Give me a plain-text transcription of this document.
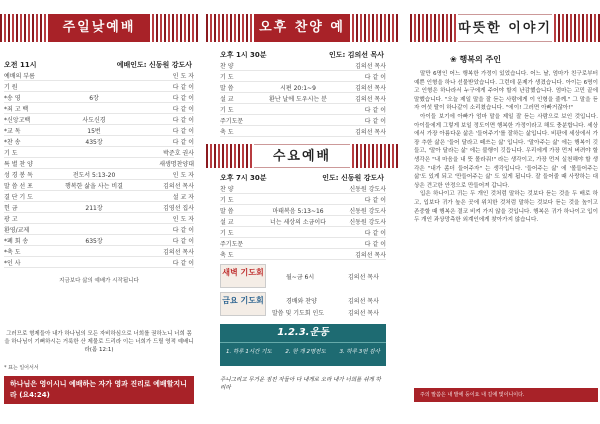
주일낮예배
오전 11시	예배인도: 신동원 강도사
예배의 부름	인 도 자
기 원	다 같 이
*송 영	6장	다 같 이
*죄 고 백	다 같 이
*신앙고백	사도신경	다 같 이
*교 독	15번	다 같 이
*찬 송	435장	다 같 이
기 도	박준호 권사
특 별 찬 양	새생명찬양대
성 경 봉 독	전도서 5:13-20	인 도 자
말 씀 선 포	행복한 삶을 사는 비결	김의선 목사
결 단 기 도	설 교 자
헌 금	211장	김영선 집사
광 고	인 도 자
환영/교제	다 같 이
*폐 회 송	635장	다 같 이
*축 도	김의선 목사
*인 사	다 같 이
지금보다 삶의 예배가 시작됩니다
그러므로 형제들아 내가 하나님의 모든 자비하심으로 너희를 권하노니 너희 몸을 하나님이 기뻐하시는 거룩한 산 제물로 드리라 이는 너희가 드릴 영적 예배니라(롬 12:1)
* 표는 일어서서
하나님은 영이시니 예배하는 자가 영과 진리로 예배할지니라 (요4:24)
오후 찬양 예배
오후 1시 30분	인도: 김의선 목사
찬 양	김의선 목사
기 도	다 같 이
말 씀	시편 20:1~9	김의선 목사
설 교	환난 날에 도우시는 분	김의선 목사
기 도	다 같 이
주기도문	다 같 이
축 도	김의선 목사
수요예배
오후 7시 30분	인도: 신동원 강도사
찬 양	신동원 강도사
기 도	다 같 이
말 씀	마태복음 5:13~16	신동원 강도사
설 교	너는 세상의 소금이다	신동원 강도사
기 도	다 같 이
주기도문	다 같 이
축 도	김의선 목사
새벽 기도회
월~금 6시	김의선 목사
금요 기도회	경배와 찬양	김의선 목사
말씀 및 기도회 인도	김의선 목사
1.2.3.운동
1. 하루 1시간 기도 2. 한 개 2명전도 3. 하루 3번 감사
주니그리고 무거운 짐진 자들아 다 내게로 오라 내가 너희를 쉬게 하리라
따뜻한 이야기
❀ 행복의 주인

말만 6명인 어느 행복한 가정이 있었습니다. 어느 날, 엄마가 친구로부터 예쁜 인형을 하나 선물받았습니다. 그런데 문제가 생겼습니다. 아이는 6명이고 인형은 하나라서 누구에게 주어야 할지 난감했습니다. 엄마는 고민 끝에 말했습니다. "오늘 제일 말을 잘 듣는 사람에게 이 인형을 줄께." 그 말을 듣자 여섯 딸이 하나같이 소리쳤습니다. "에이! 그러면 아빠거잖아!"

아이들 보기에 아빠가 엄마 말을 제일 잘 듣는 사람으로 보인 것입니다. 아이들에게 그렇게 보일 정도이면 행복한 가정이라고 해도 충분합니다. 세상에서 가장 아름다운 삶은 '들어주기'를 잘하는 삶입니다. 비판에 세상에서 가장 추한 삶은 '들어 달라고 떼쓰는 삶' 입니다. '말아주는 삶' 에는 행복이 깃들고, '말아 달라는 삶' 에는 불행이 깃듭니다. 우리에게 가장 먼저 버려야 할 생각은 "내 마음을 내 뜻 몰라줘!" 라는 생각이고, 가장 먼저 실천해야 할 생각은 "내가 좀더 들어주자" 는 생각입니다. '들어주는 삶' 에 '볼들어주는 삶'도 있게 되고 '만들어주는 삶' 도 있게 됩니다. 잘 들어줄 때 사랑하는 대상은 견고한 안정으로 만들어져 갑니다.

입은 하나이고 귀는 두 개인 것처럼 말하는 것보다 듣는 것을 두 배로 하고, 입보다 귀가 높은 곳에 위치한 것처럼 말하는 것보다 듣는 것을 높이고 존중할 때 행복은 결코 비켜 가지 않을 것입니다. 행복은 귀가 하나이고 입이 두 개인 과상망측한 외계인에게 찾아가지 않습니다.

주의 말씀은 내 발에 등이요 내 길에 빛이니이다.
